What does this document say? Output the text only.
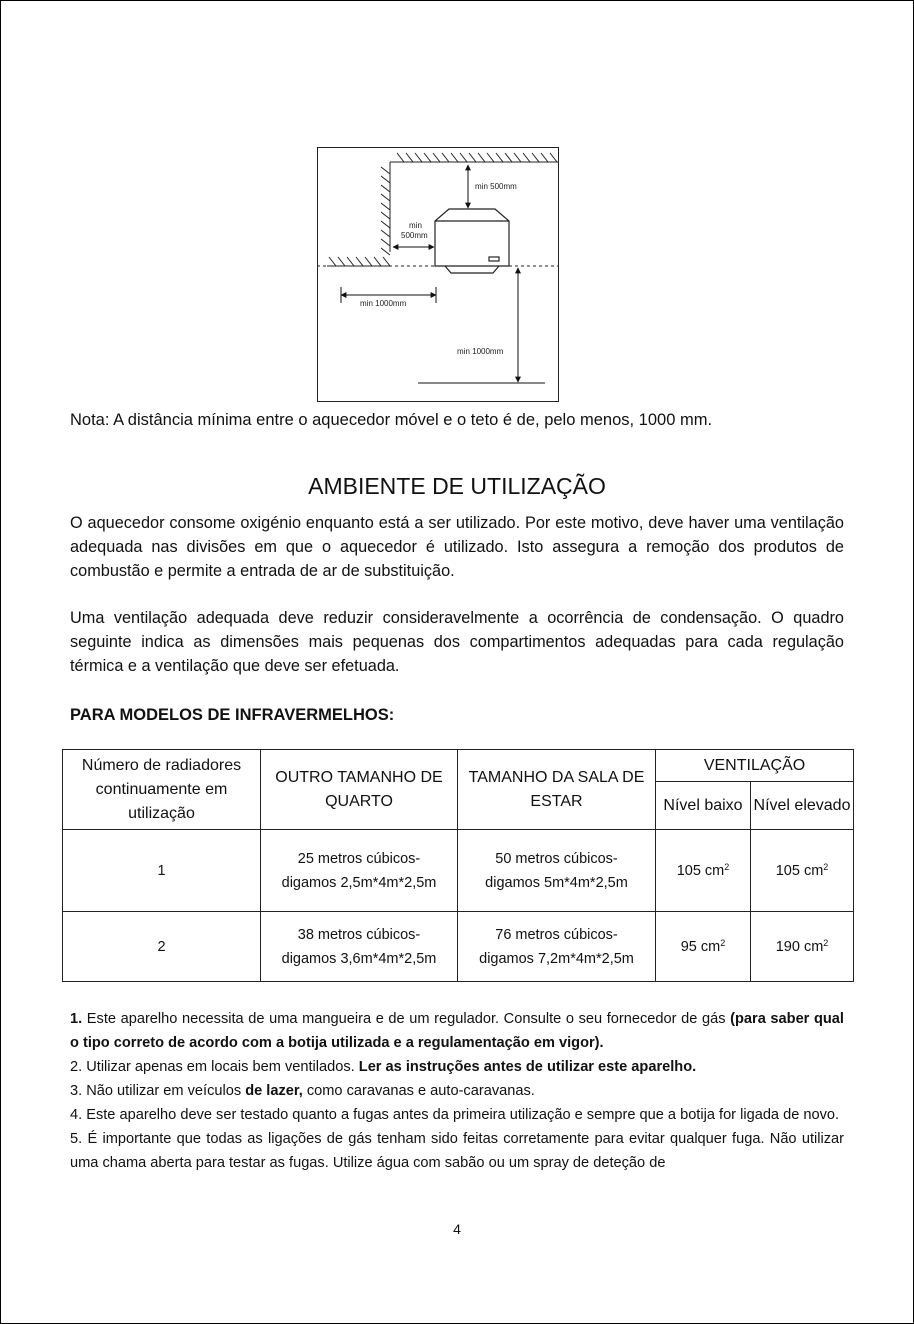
min 500mm
min
500mm
min 1000mm
min 1000mm
Nota: A distância mínima entre o aquecedor móvel e o teto é de, pelo menos, 1000 mm.
AMBIENTE DE UTILIZAÇÃO
O aquecedor consome oxigénio enquanto está a ser utilizado. Por este motivo, deve haver uma ventilação adequada nas divisões em que o aquecedor é utilizado. Isto assegura a remoção dos produtos de combustão e permite a entrada de ar de substituição.
Uma ventilação adequada deve reduzir consideravelmente a ocorrência de condensação. O quadro seguinte indica as dimensões mais pequenas dos compartimentos adequadas para cada regulação térmica e a ventilação que deve ser efetuada.
PARA MODELOS DE INFRAVERMELHOS:
Número de radiadores continuamente em utilização	OUTRO TAMANHO DE QUARTO	TAMANHO DA SALA DE ESTAR	VENTILAÇÃO	
			Nível baixo	Nível elevado
1	25 metros cúbicos-
digamos 2,5m*4m*2,5m	50 metros cúbicos-
digamos 5m*4m*2,5m	105 $cm^2$	105 $cm^2$
2	38 metros cúbicos-
digamos 3,6m*4m*2,5m	76 metros cúbicos-
digamos 7,2m*4m*2,5m	95 $cm^2$	190 $cm^2$

1. Este aparelho necessita de uma mangueira e de um regulador. Consulte o seu fornecedor de gás (para saber qual o tipo correto de acordo com a botija utilizada e a regulamentação em vigor).

2. Utilizar apenas em locais bem ventilados. Ler as instruções antes de utilizar este aparelho.

3. Não utilizar em veículos de lazer, como caravanas e auto-caravanas.

4. Este aparelho deve ser testado quanto a fugas antes da primeira utilização e sempre que a botija for ligada de novo.

5. É importante que todas as ligações de gás tenham sido feitas corretamente para evitar qualquer fuga. Não utilizar uma chama aberta para testar as fugas. Utilize água com sabão ou um spray de deteção de

4
